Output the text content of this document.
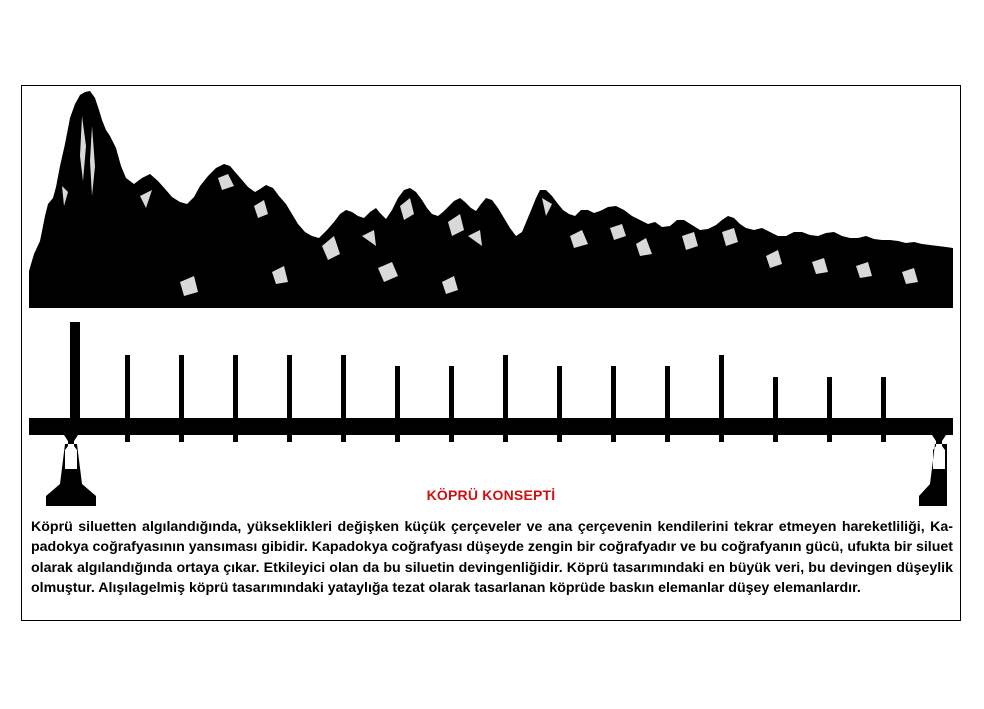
KÖPRÜ KONSEPTİ
Köprü siluetten algılandığında, yükseklikleri değişken küçük çerçeveler ve ana çerçevenin kendilerini tekrar etmeyen hareketliliği, Kapadokya coğrafyasının yansıması gibidir. Kapadokya coğrafyası düşeyde zengin bir coğrafyadır ve bu coğrafyanın gücü, ufukta bir siluet olarak algılandığında ortaya çıkar. Etkileyici olan da bu siluetin devingenliğidir. Köprü tasarımındaki en büyük veri, bu devingen düşeylik olmuştur. Alışılagelmiş köprü tasarımındaki yataylığa tezat olarak tasarlanan köprüde baskın elemanlar düşey elemanlardır.
